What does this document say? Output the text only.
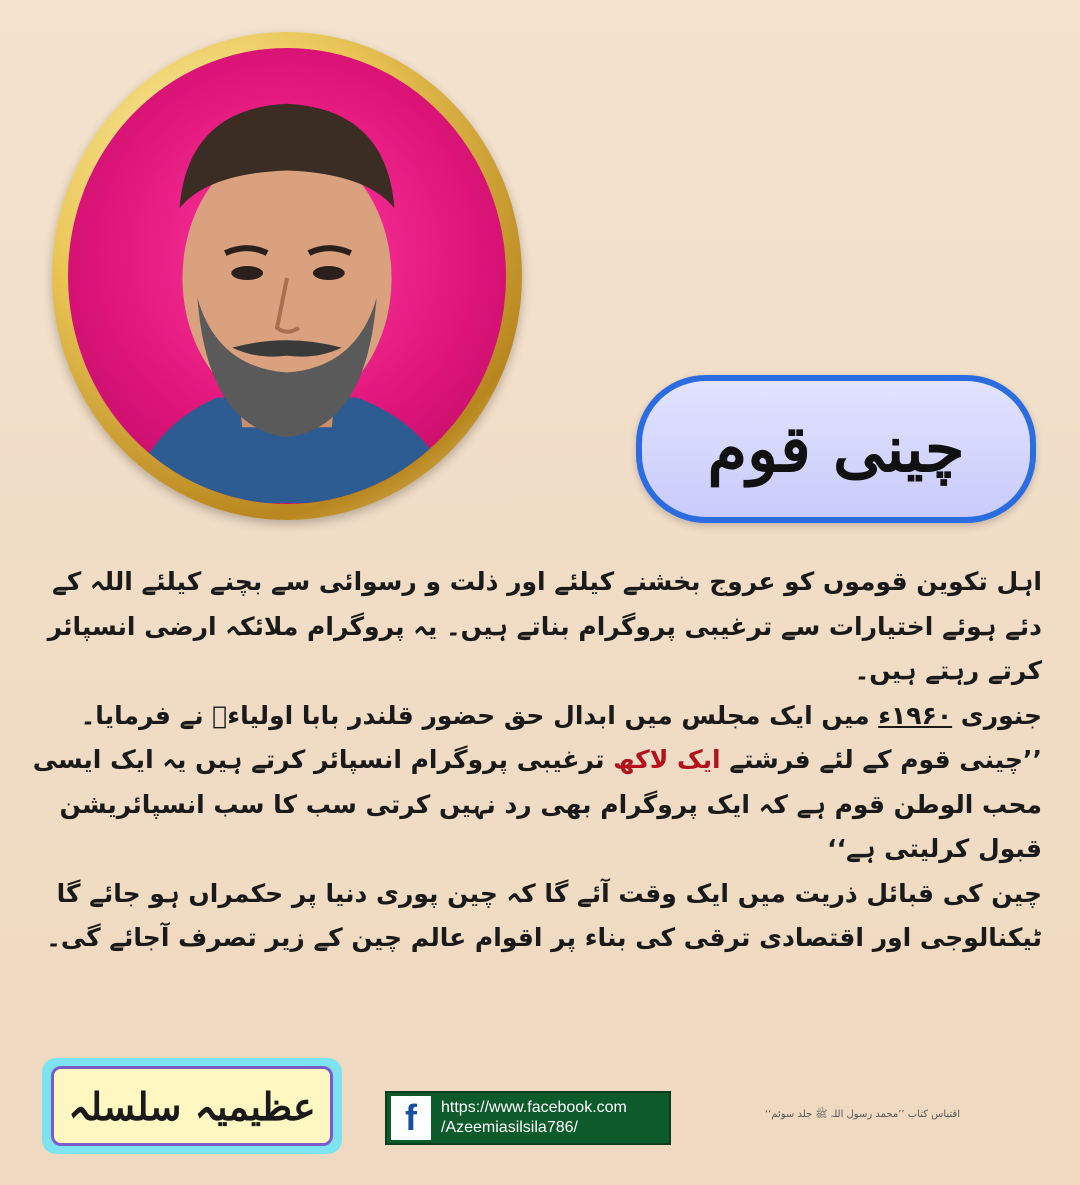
چینی قوم

اہل تکوین قوموں کو عروج بخشنے کیلئے اور ذلت و رسوائی سے بچنے کیلئے اللہ کے دئے ہوئے اختیارات سے ترغیبی پروگرام بناتے ہیں۔ یہ پروگرام ملائکہ ارضی انسپائر کرتے رہتے ہیں۔

جنوری ۱۹۶۰ء میں ایک مجلس میں ابدال حق حضور قلندر بابا اولیاءؒ نے فرمایا۔

’’چینی قوم کے لئے فرشتے ایک لاکھ ترغیبی پروگرام انسپائر کرتے ہیں یہ ایک ایسی محب الوطن قوم ہے کہ ایک پروگرام بھی رد نہیں کرتی سب کا سب انسپائریشن قبول کرلیتی ہے‘‘

چین کی قبائل ذریت میں ایک وقت آئے گا کہ چین پوری دنیا پر حکمراں ہو جائے گا ٹیکنالوجی اور اقتصادی ترقی کی بناء پر اقوام عالم چین کے زیر تصرف آجائے گی۔

عظیمیہ سلسلہ	f	https://www.facebook.com
/Azeemiasilsila786/
اقتباس کتاب ’’محمد رسول اللہ ﷺ جلد سوئم‘‘
